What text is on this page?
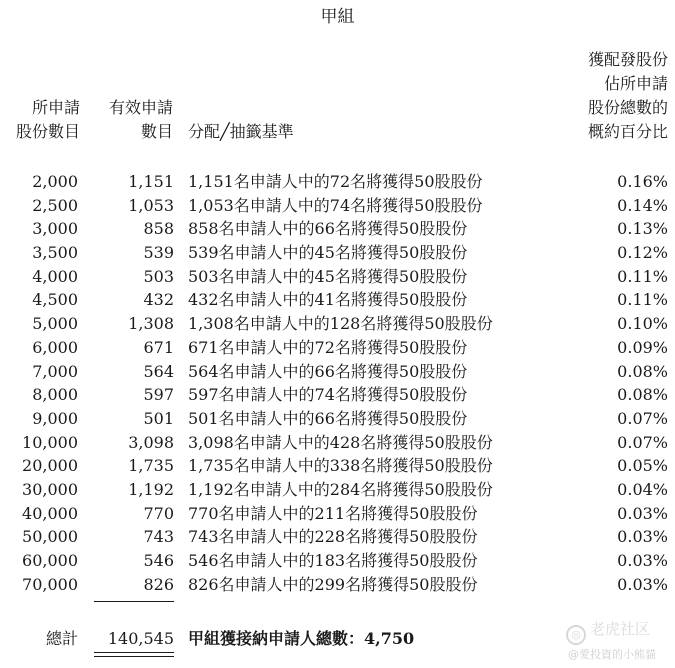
甲組
所申請
股份數目
有效申請
數目 分配╱抽籤基準
獲配發股份
佔所申請
股份總數的
概約百分比
2,000	1,151 1,151名申請人中的72名將獲得50股股份	0.16%
2,500	1,053 1,053名申請人中的74名將獲得50股股份	0.14%
3,000	858 858名申請人中的66名將獲得50股股份	0.13%
3,500	539 539名申請人中的45名將獲得50股股份	0.12%
4,000	503 503名申請人中的45名將獲得50股股份	0.11%
4,500	432 432名申請人中的41名將獲得50股股份	0.11%
5,000	1,308 1,308名申請人中的128名將獲得50股股份	0.10%
6,000	671 671名申請人中的72名將獲得50股股份	0.09%
7,000	564 564名申請人中的66名將獲得50股股份	0.08%
8,000	597 597名申請人中的74名將獲得50股股份	0.08%
9,000	501 501名申請人中的66名將獲得50股股份	0.07%
10,000	3,098 3,098名申請人中的428名將獲得50股股份	0.07%
20,000	1,735 1,735名申請人中的338名將獲得50股股份	0.05%
30,000	1,192 1,192名申請人中的284名將獲得50股股份	0.04%
40,000	770 770名申請人中的211名將獲得50股股份	0.03%
50,000	743 743名申請人中的228名將獲得50股股份	0.03%
60,000	546 546名申請人中的183名將獲得50股股份	0.03%
70,000	826 826名申請人中的299名將獲得50股股份	0.03%
總計	140,545 甲組獲接納申請人總數：4,750	◎ 老虎社区
@愛投資的小熊貓
